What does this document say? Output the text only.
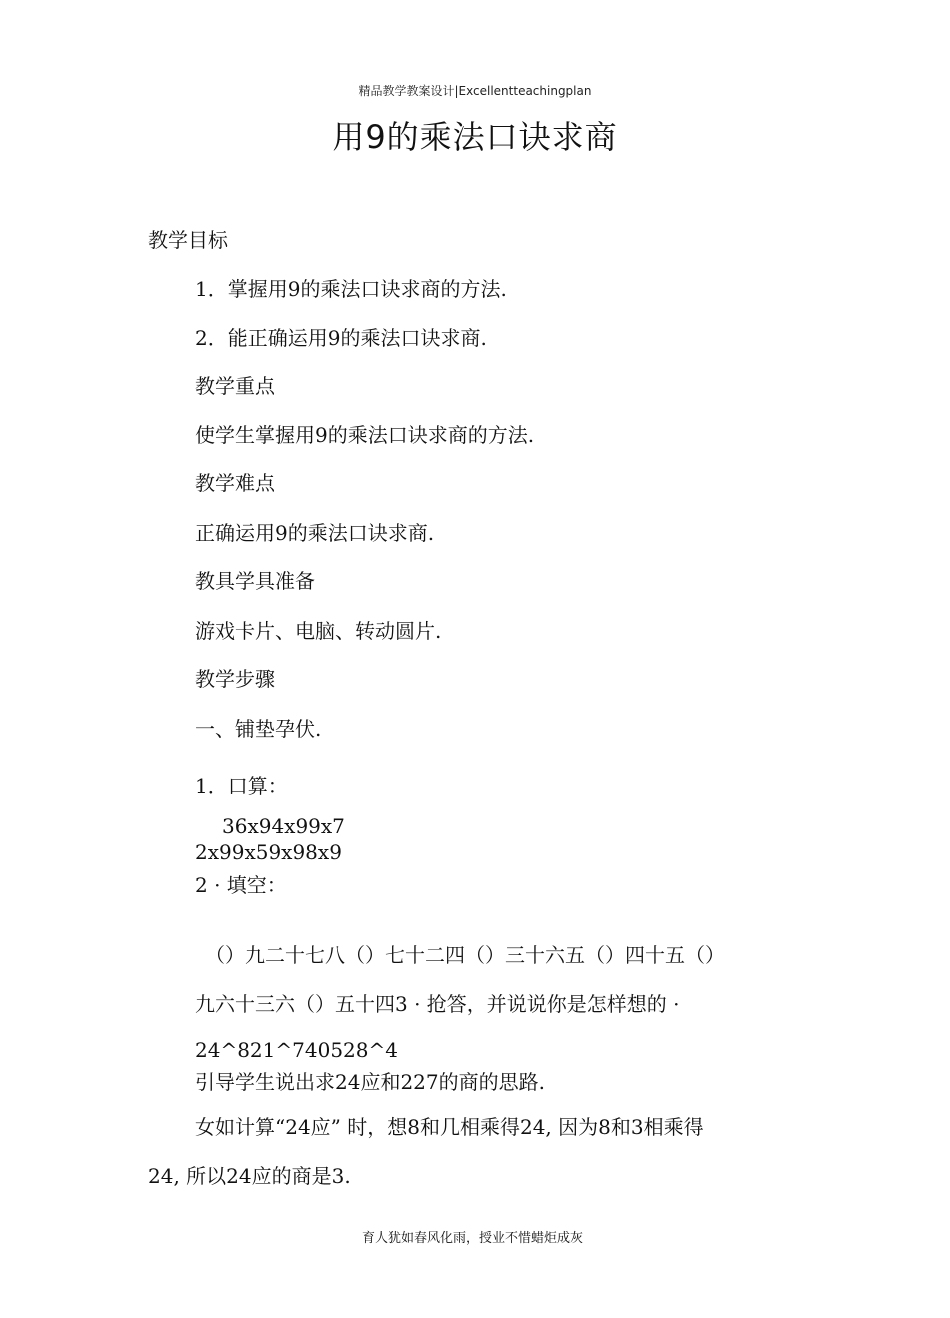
精品教学教案设计|Excellentteachingplan
用9的乘法口诀求商
教学目标
1．掌握用9的乘法口诀求商的方法.
2．能正确运用9的乘法口诀求商.
教学重点
使学生掌握用9的乘法口诀求商的方法.
教学难点
正确运用9的乘法口诀求商.
教具学具准备
游戏卡片、电脑、转动圆片.
教学步骤
一、铺垫孕伏.
1．口算：
36x94x99x7
2x99x59x98x9
2 · 填空：
（）九二十七八（）七十二四（）三十六五（）四十五（）
九六十三六（）五十四3 · 抢答，并说说你是怎样想的 ·
24^821^740528^4
引导学生说出求24应和227的商的思路.
女如计算“24应” 时，想8和几相乘得24, 因为8和3相乘得
24, 所以24应的商是3.
育人犹如春风化雨，授业不惜蜡炬成灰
